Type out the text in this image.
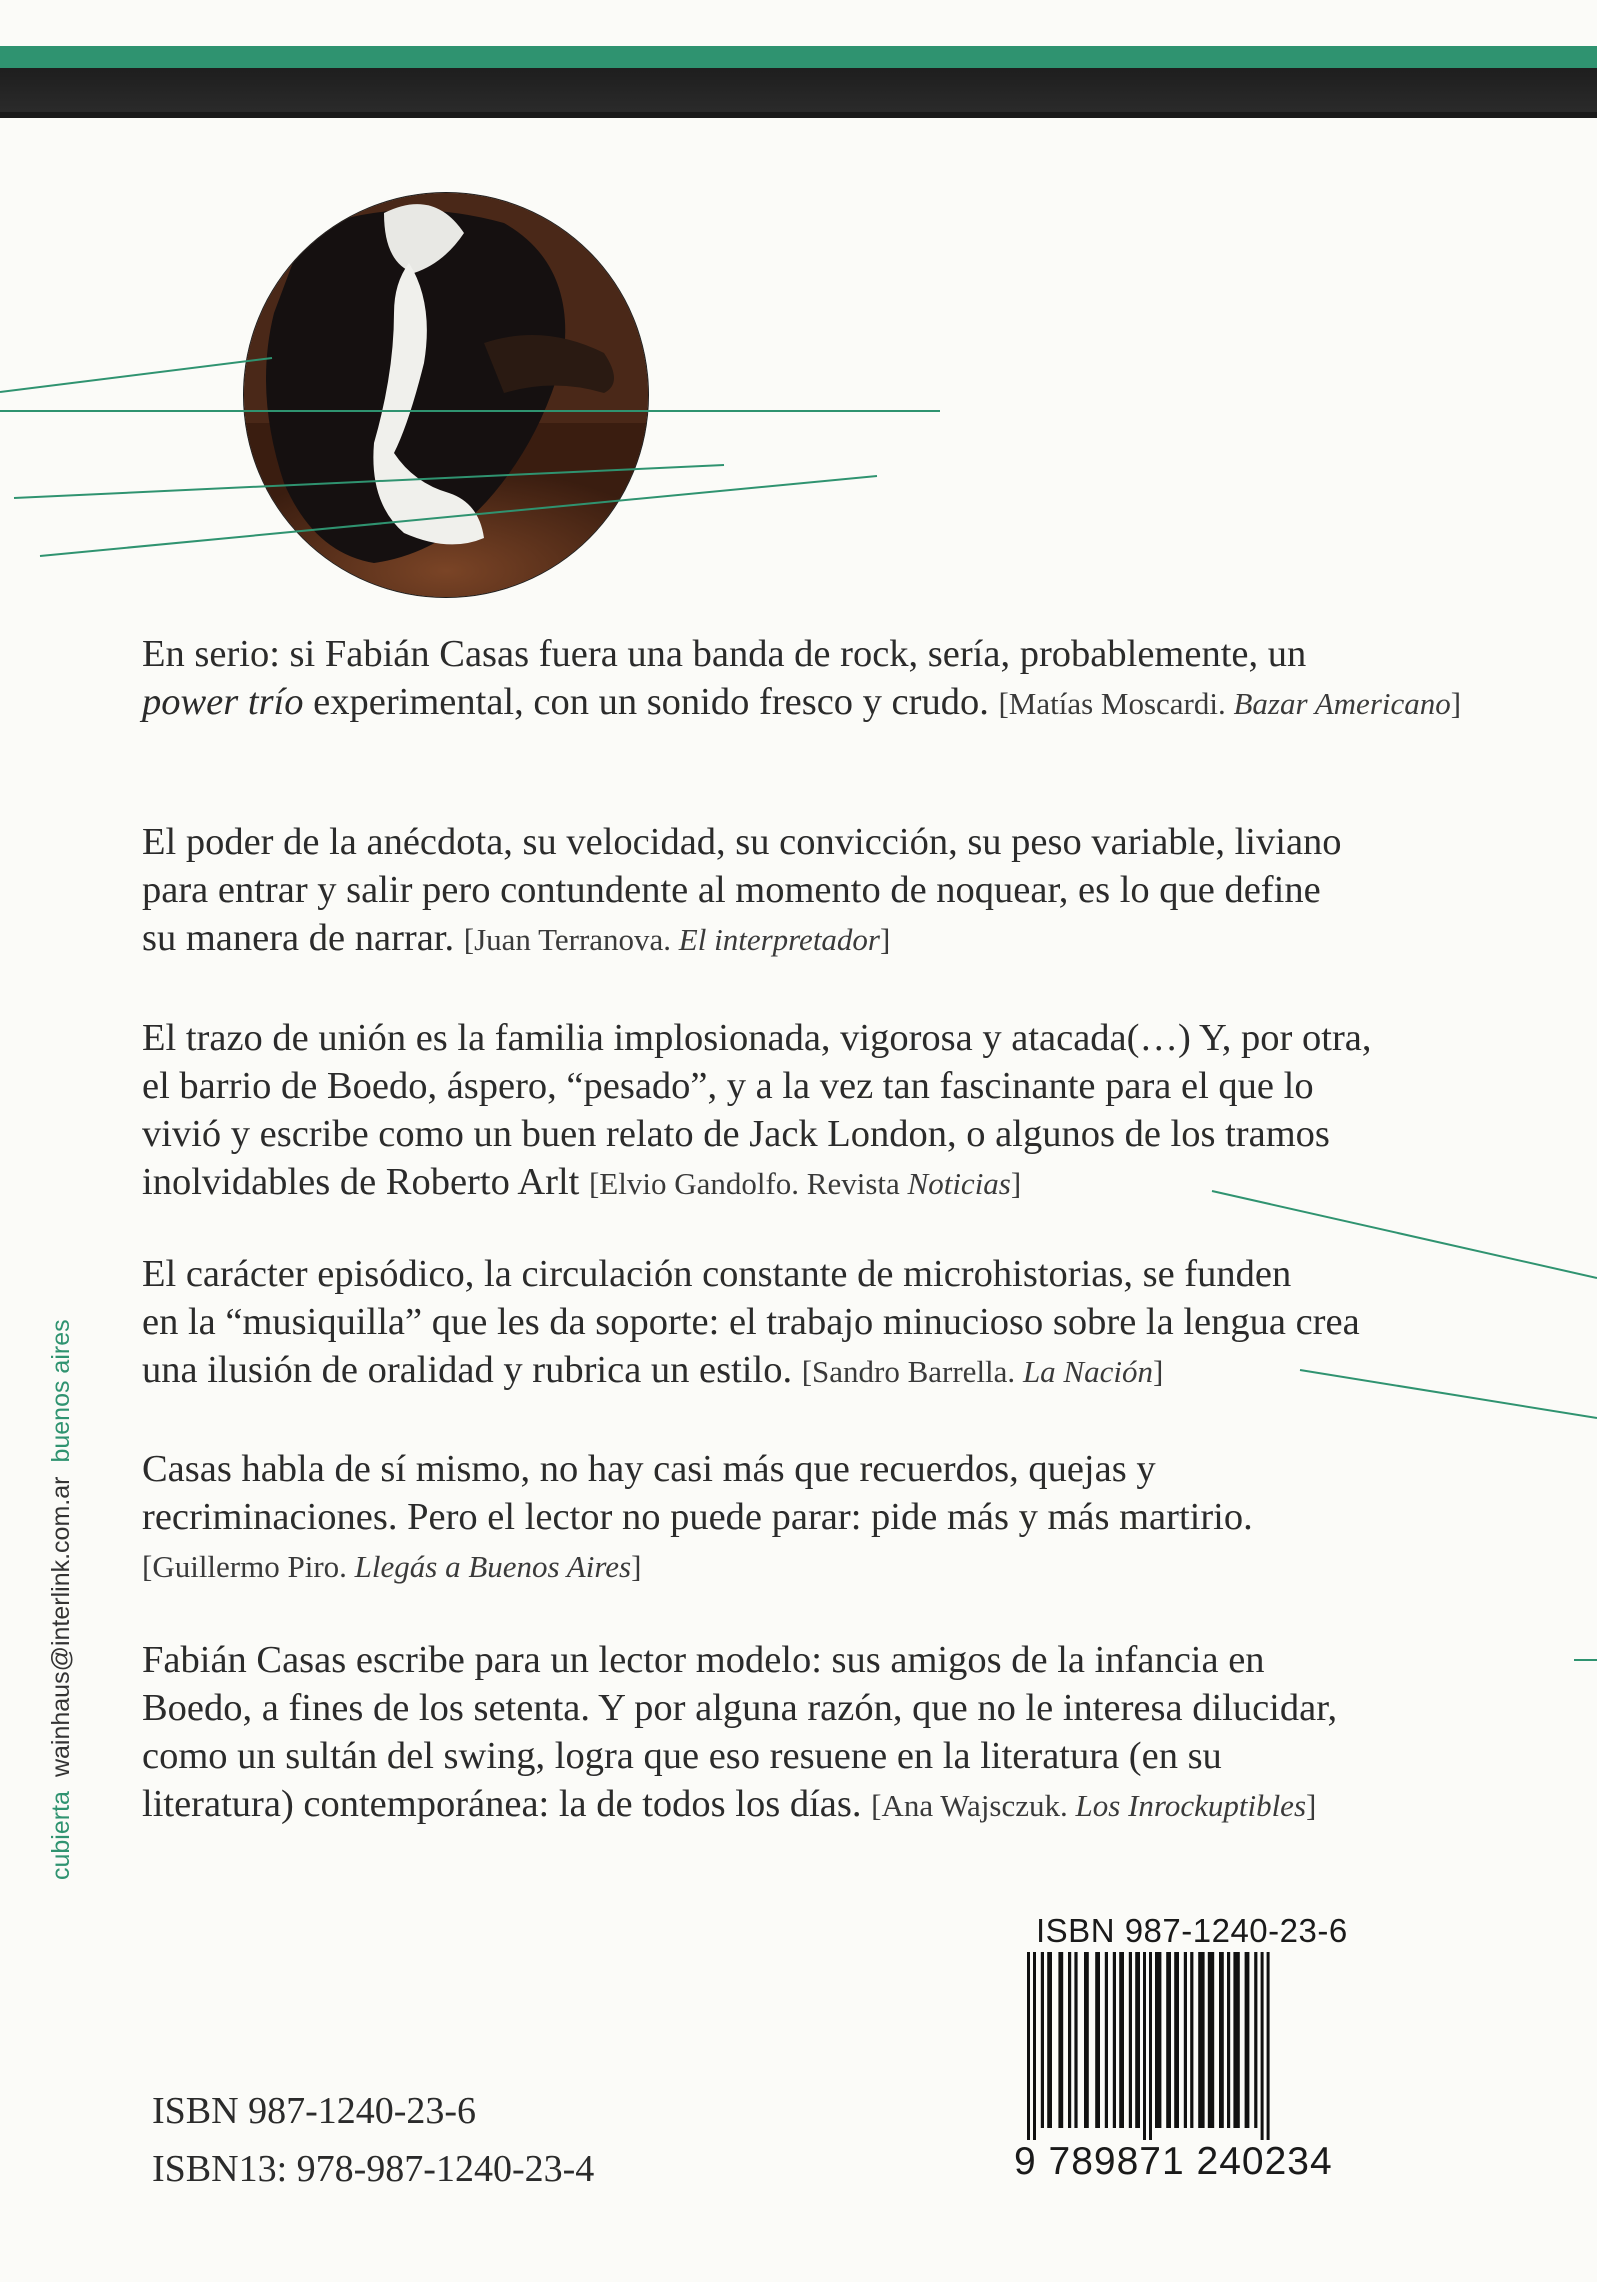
En serio: si Fabián Casas fuera una banda de rock, sería, probablemente, un
power trío experimental, con un sonido fresco y crudo. [Matías Moscardi. Bazar Americano]

El poder de la anécdota, su velocidad, su convicción, su peso variable, liviano
para entrar y salir pero contundente al momento de noquear, es lo que define
su manera de narrar. [Juan Terranova. El interpretador]

El trazo de unión es la familia implosionada, vigorosa y atacada(…) Y, por otra,
el barrio de Boedo, áspero, “pesado”, y a la vez tan fascinante para el que lo
vivió y escribe como un buen relato de Jack London, o algunos de los tramos
inolvidables de Roberto Arlt [Elvio Gandolfo. Revista Noticias]

El carácter episódico, la circulación constante de microhistorias, se funden
en la “musiquilla” que les da soporte: el trabajo minucioso sobre la lengua crea
una ilusión de oralidad y rubrica un estilo. [Sandro Barrella. La Nación]

Casas habla de sí mismo, no hay casi más que recuerdos, quejas y
recriminaciones. Pero el lector no puede parar: pide más y más martirio.
[Guillermo Piro. Llegás a Buenos Aires]

Fabián Casas escribe para un lector modelo: sus amigos de la infancia en
Boedo, a fines de los setenta. Y por alguna razón, que no le interesa dilucidar,
como un sultán del swing, logra que eso resuene en la literatura (en su
literatura) contemporánea: la de todos los días. [Ana Wajsczuk. Los Inrockuptibles]

cubiertawainhaus@interlink.com.arbuenos aires
ISBN 987-1240-23-6
ISBN13: 978-987-1240-23-4
ISBN 987-1240-23-6
9 789871 240234
